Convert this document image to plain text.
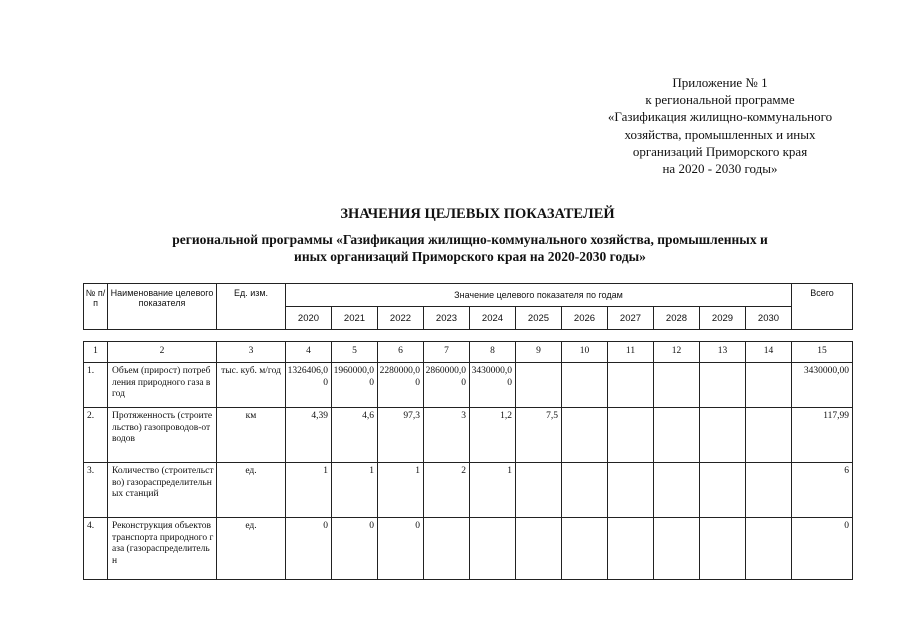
Приложение № 1
к региональной программе
«Газификация жилищно-коммунального
хозяйства, промышленных и иных
организаций Приморского края
на 2020 - 2030 годы»
ЗНАЧЕНИЯ ЦЕЛЕВЫХ ПОКАЗАТЕЛЕЙ
региональной программы «Газификация жилищно-коммунального хозяйства, промышленных и
иных организаций Приморского края на 2020-2030 годы»
№ п/п	Наименование целевого показателя	Ед. изм.	Значение целевого показателя по годам											Всего
			2020	2021	2022	2023	2024	2025	2026	2027	2028	2029	2030	
1	2	3	4	5	6	7	8	9	10	11	12	13	14	15
1.	Объем (прирост) потребления природного газа в год	тыс. куб. м/год	1326406,00	1960000,00	2280000,00	2860000,00	3430000,00							3430000,00
2.	Протяженность (строительство) газопроводов-отводов	км	4,39	4,6	97,3	3	1,2	7,5						117,99
3.	Количество (строительство) газораспределительных станций	ед.	1	1	1	2	1							6
4.	Реконструкция объектов транспорта природного газа (газораспределительн	ед.	0	0	0									0
